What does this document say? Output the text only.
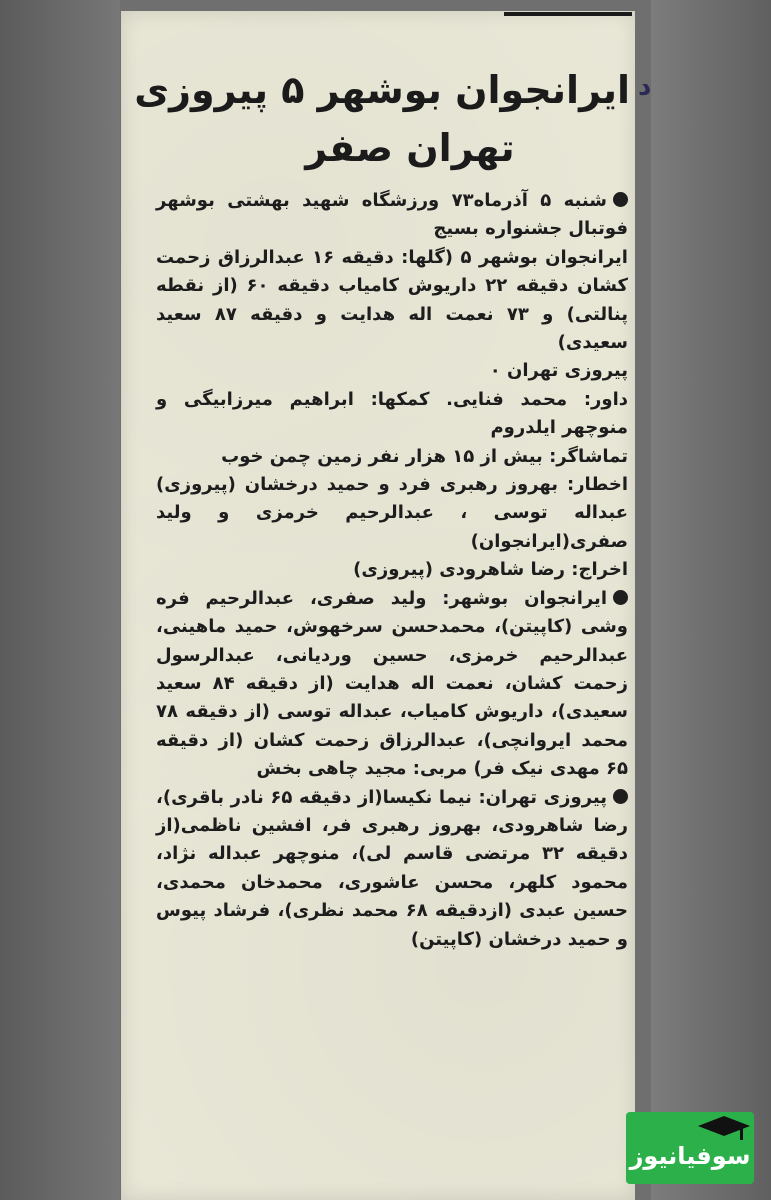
د
ایرانجوان بوشهر ۵ پیروزی
تهران صفر

شنبه ۵ آذرماه۷۳ ورزشگاه شهید بهشتی بوشهر فوتبال جشنواره بسیج

ایرانجوان بوشهر ۵ (گلها: دقیقه ۱۶ عبدالرزاق زحمت کشان دقیقه ۲۲ داریوش کامیاب دقیقه ۶۰ (از نقطه پنالتی) و ۷۳ نعمت اله هدایت و دقیقه ۸۷ سعید سعیدی)

پیروزی تهران ۰

داور: محمد فنایی. کمکها: ابراهیم میرزابیگی و منوچهر ایلدروم

تماشاگر: بیش از ۱۵ هزار نفر زمین چمن خوب

اخطار: بهروز رهبری فرد و حمید درخشان (پیروزی) عبداله توسی ، عبدالرحیم خرمزی و ولید صفری(ایرانجوان)

اخراج: رضا شاهرودی (پیروزی)

ایرانجوان بوشهر: ولید صفری، عبدالرحیم فره وشی (کاپیتن)، محمدحسن سرخهوش، حمید ماهینی، عبدالرحیم خرمزی، حسین وردیانی، عبدالرسول زحمت کشان، نعمت اله هدایت (از دقیقه ۸۴ سعید سعیدی)، داریوش کامیاب، عبداله توسی (از دقیقه ۷۸ محمد ایروانچی)، عبدالرزاق زحمت کشان (از دقیقه ۶۵ مهدی نیک فر) مربی: مجید چاهی بخش

پیروزی تهران: نیما نکیسا(از دقیقه ۶۵ نادر باقری)، رضا شاهرودی، بهروز رهبری فر، افشین ناظمی(از دقیقه ۳۲ مرتضی قاسم لی)، منوچهر عبداله نژاد، محمود کلهر، محسن عاشوری، محمدخان محمدی، حسین عبدی (ازدقیقه ۶۸ محمد نظری)، فرشاد پیوس و حمید درخشان (کاپیتن)

سوفیانیوز
